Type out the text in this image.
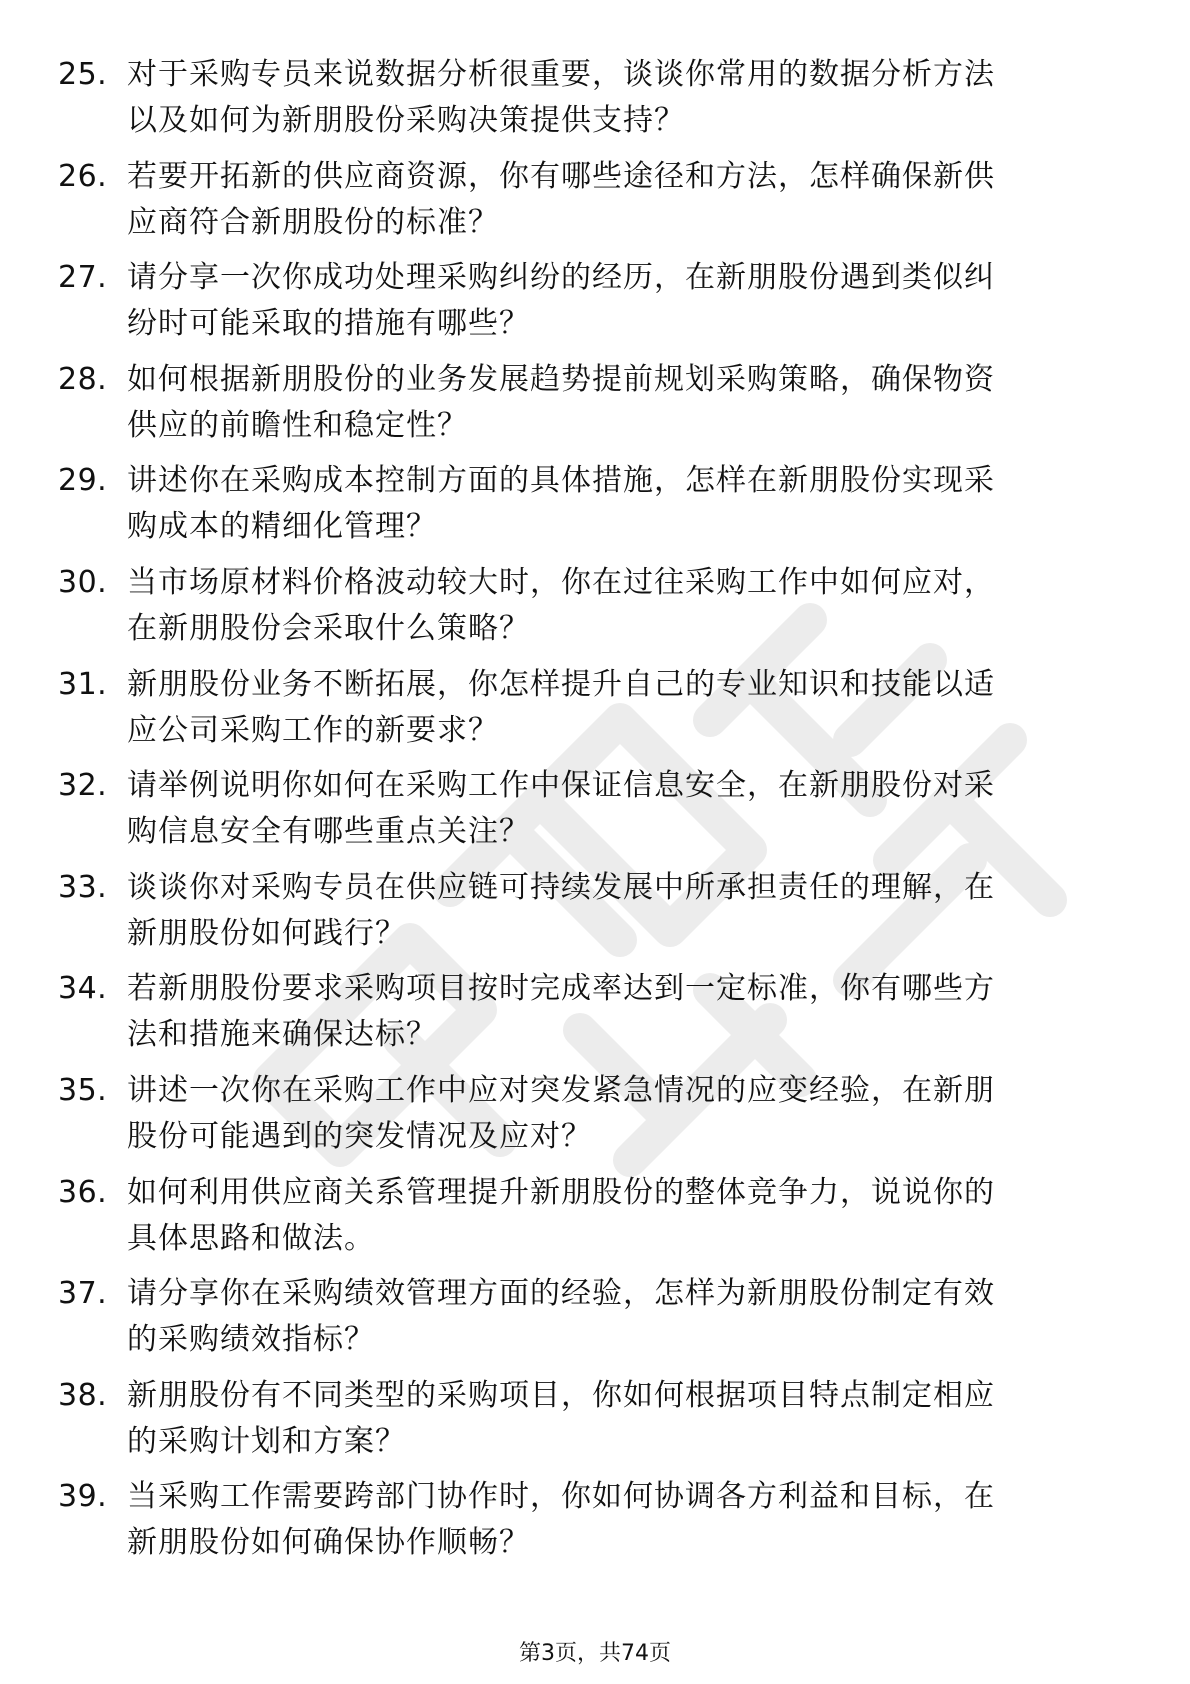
25. 对于采购专员来说数据分析很重要，谈谈你常用的数据分析方法
以及如何为新朋股份采购决策提供支持？
26. 若要开拓新的供应商资源，你有哪些途径和方法，怎样确保新供
应商符合新朋股份的标准？
27. 请分享一次你成功处理采购纠纷的经历，在新朋股份遇到类似纠
纷时可能采取的措施有哪些？
28. 如何根据新朋股份的业务发展趋势提前规划采购策略，确保物资
供应的前瞻性和稳定性？
29. 讲述你在采购成本控制方面的具体措施，怎样在新朋股份实现采
购成本的精细化管理？
30. 当市场原材料价格波动较大时，你在过往采购工作中如何应对，
在新朋股份会采取什么策略？
31. 新朋股份业务不断拓展，你怎样提升自己的专业知识和技能以适
应公司采购工作的新要求？
32. 请举例说明你如何在采购工作中保证信息安全，在新朋股份对采
购信息安全有哪些重点关注？
33. 谈谈你对采购专员在供应链可持续发展中所承担责任的理解，在
新朋股份如何践行？
34. 若新朋股份要求采购项目按时完成率达到一定标准，你有哪些方
法和措施来确保达标？
35. 讲述一次你在采购工作中应对突发紧急情况的应变经验，在新朋
股份可能遇到的突发情况及应对？
36. 如何利用供应商关系管理提升新朋股份的整体竞争力，说说你的
具体思路和做法。
37. 请分享你在采购绩效管理方面的经验，怎样为新朋股份制定有效
的采购绩效指标？
38. 新朋股份有不同类型的采购项目，你如何根据项目特点制定相应
的采购计划和方案？
39. 当采购工作需要跨部门协作时，你如何协调各方利益和目标，在
新朋股份如何确保协作顺畅？
第3页，共74页
